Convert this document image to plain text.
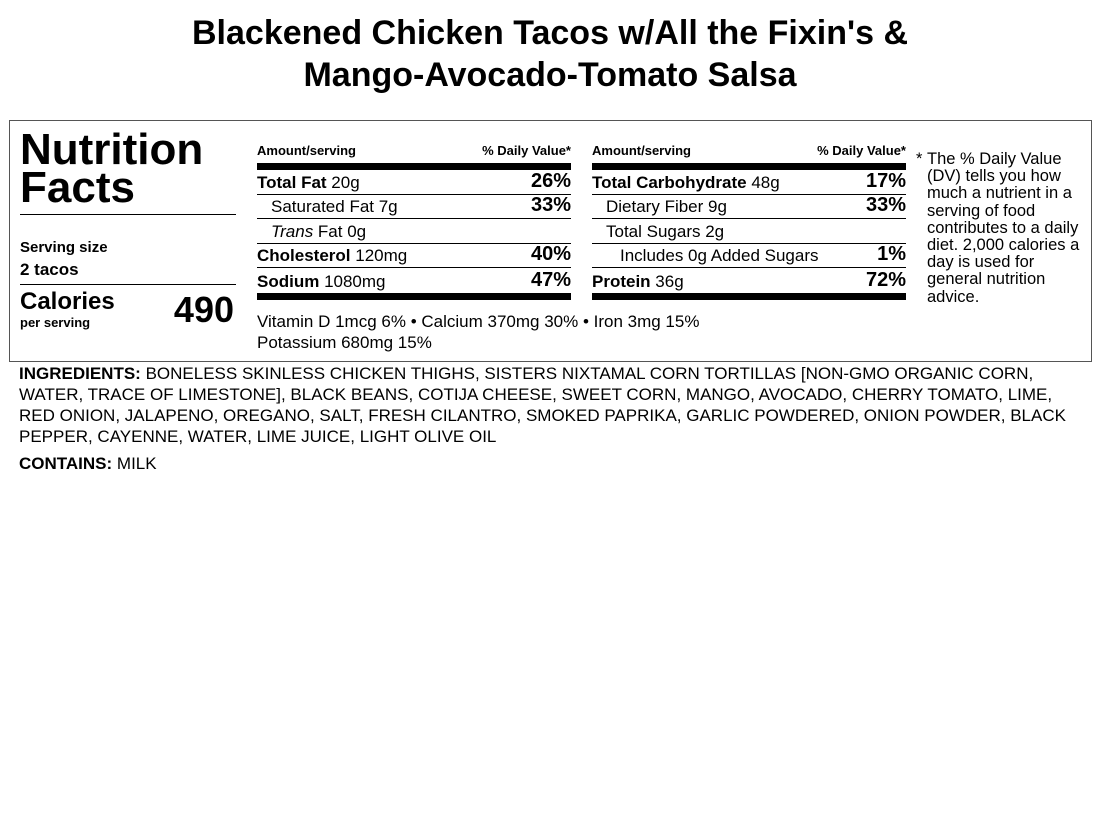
Blackened Chicken Tacos w/All the Fixin's &
Mango-Avocado-Tomato Salsa
Nutrition
Facts
Serving size
2 tacos
Calories
per serving 490
Amount/serving	% Daily Value*
Total Fat 20g	26%
Saturated Fat 7g	33%
Trans Fat 0g
Cholesterol 120mg	40%
Sodium 1080mg	47%
Amount/serving	% Daily Value*
Total Carbohydrate 48g	17%
Dietary Fiber 9g	33%
Total Sugars 2g
Includes 0g Added Sugars	1%
Protein 36g	72%
Vitamin D 1mcg 6% • Calcium 370mg 30% • Iron 3mg 15%
Potassium 680mg 15%
* The % Daily Value (DV) tells you how much a nutrient in a serving of food contributes to a daily diet. 2,000 calories a day is used for general nutrition advice.
INGREDIENTS: BONELESS SKINLESS CHICKEN THIGHS, SISTERS NIXTAMAL CORN TORTILLAS [NON-GMO ORGANIC CORN, WATER, TRACE OF LIMESTONE], BLACK BEANS, COTIJA CHEESE, SWEET CORN, MANGO, AVOCADO, CHERRY TOMATO, LIME, RED ONION, JALAPENO, OREGANO, SALT, FRESH CILANTRO, SMOKED PAPRIKA, GARLIC POWDERED, ONION POWDER, BLACK PEPPER, CAYENNE, WATER, LIME JUICE, LIGHT OLIVE OIL
CONTAINS: MILK
